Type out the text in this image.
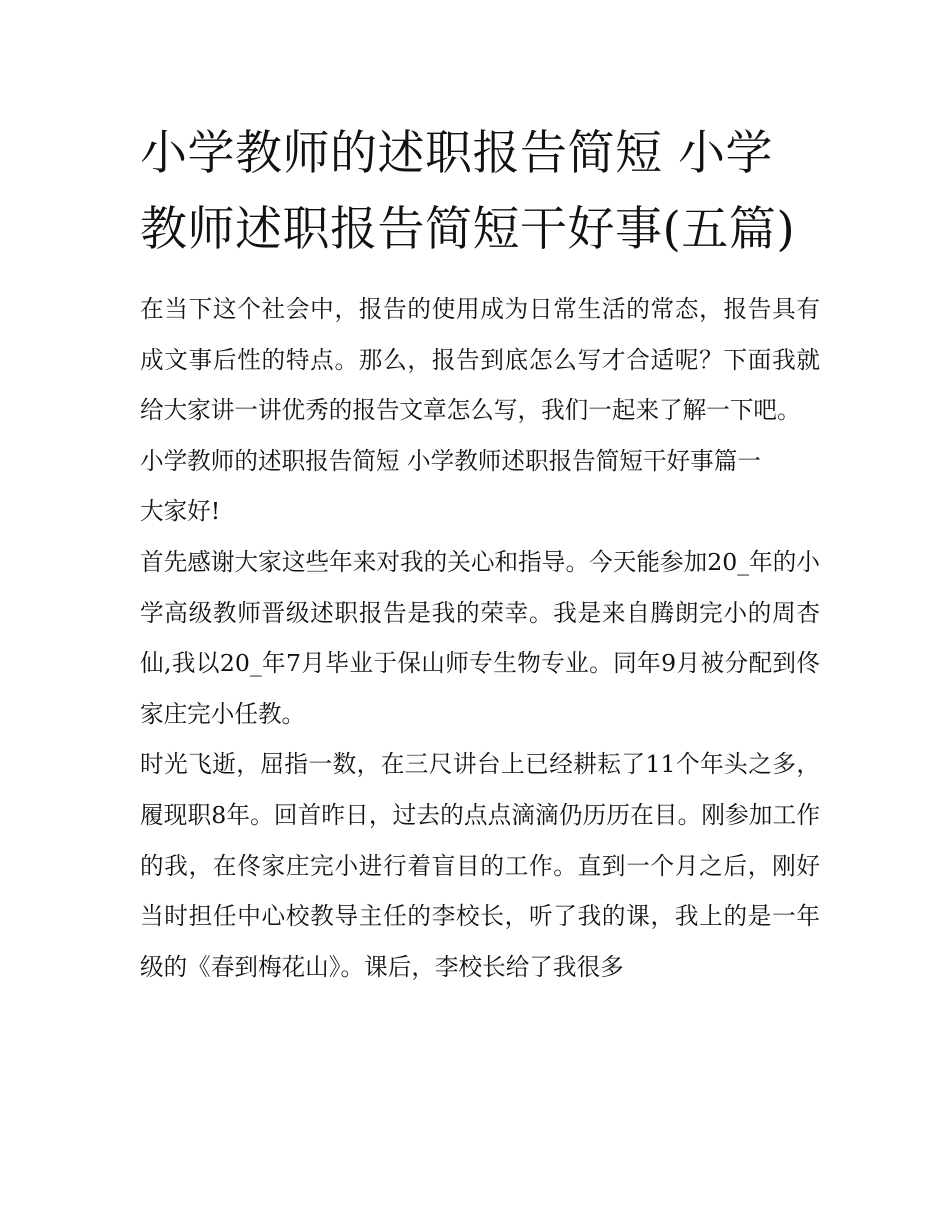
小学教师的述职报告简短 小学教师述职报告简短干好事(五篇)

在当下这个社会中，报告的使用成为日常生活的常态，报告具有成文事后性的特点。那么，报告到底怎么写才合适呢？下面我就给大家讲一讲优秀的报告文章怎么写，我们一起来了解一下吧。

小学教师的述职报告简短 小学教师述职报告简短干好事篇一

大家好!

首先感谢大家这些年来对我的关心和指导。今天能参加20_年的小学高级教师晋级述职报告是我的荣幸。我是来自腾朗完小的周杏仙,我以20_年7月毕业于保山师专生物专业。同年9月被分配到佟家庄完小任教。

时光飞逝，屈指一数，在三尺讲台上已经耕耘了11个年头之多，履现职8年。回首昨日，过去的点点滴滴仍历历在目。刚参加工作的我，在佟家庄完小进行着盲目的工作。直到一个月之后，刚好当时担任中心校教导主任的李校长，听了我的课，我上的是一年级的《春到梅花山》。课后，李校长给了我很多
